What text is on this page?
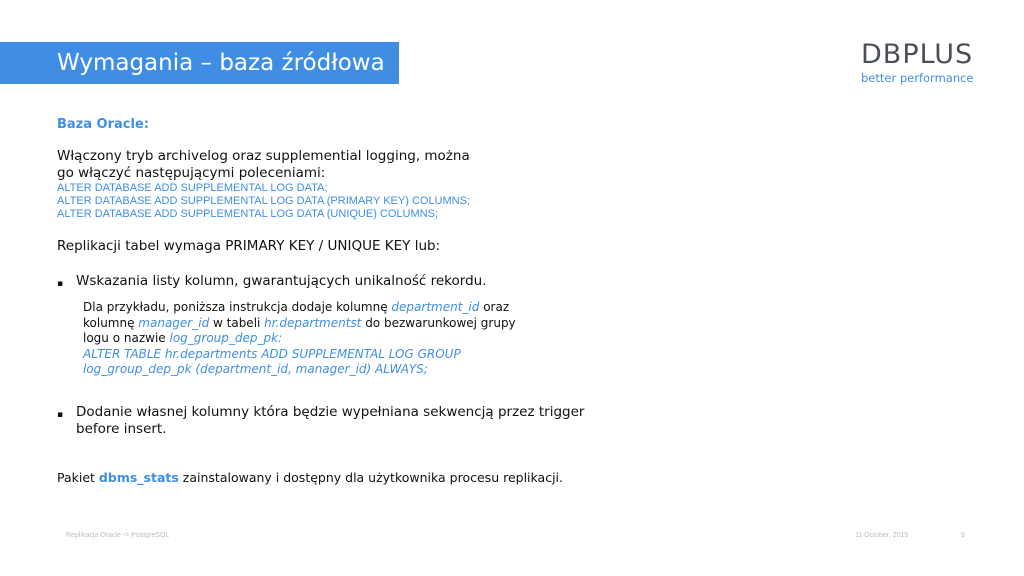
Wymagania – baza źródłowa	DBPLUS
better performance
Baza Oracle:
Włączony tryb archivelog oraz supplemential logging, można
go włączyć następującymi poleceniami:
ALTER DATABASE ADD SUPPLEMENTAL LOG DATA;
ALTER DATABASE ADD SUPPLEMENTAL LOG DATA (PRIMARY KEY) COLUMNS;
ALTER DATABASE ADD SUPPLEMENTAL LOG DATA (UNIQUE) COLUMNS;
Replikacji tabel wymaga PRIMARY KEY / UNIQUE KEY lub:
▪ Wskazania listy kolumn, gwarantujących unikalność rekordu.
Dla przykładu, poniższa instrukcja dodaje kolumnę department_id oraz
kolumnę manager_id w tabeli hr.departmentst do bezwarunkowej grupy
logu o nazwie log_group_dep_pk:
ALTER TABLE hr.departments ADD SUPPLEMENTAL LOG GROUP
log_group_dep_pk (department_id, manager_id) ALWAYS;
▪ Dodanie własnej kolumny która będzie wypełniana sekwencją przez trigger
before insert.
Pakiet dbms_stats zainstalowany i dostępny dla użytkownika procesu replikacji.
Replikacja Oracle -> PostgreSQL	11 October, 2019	9
